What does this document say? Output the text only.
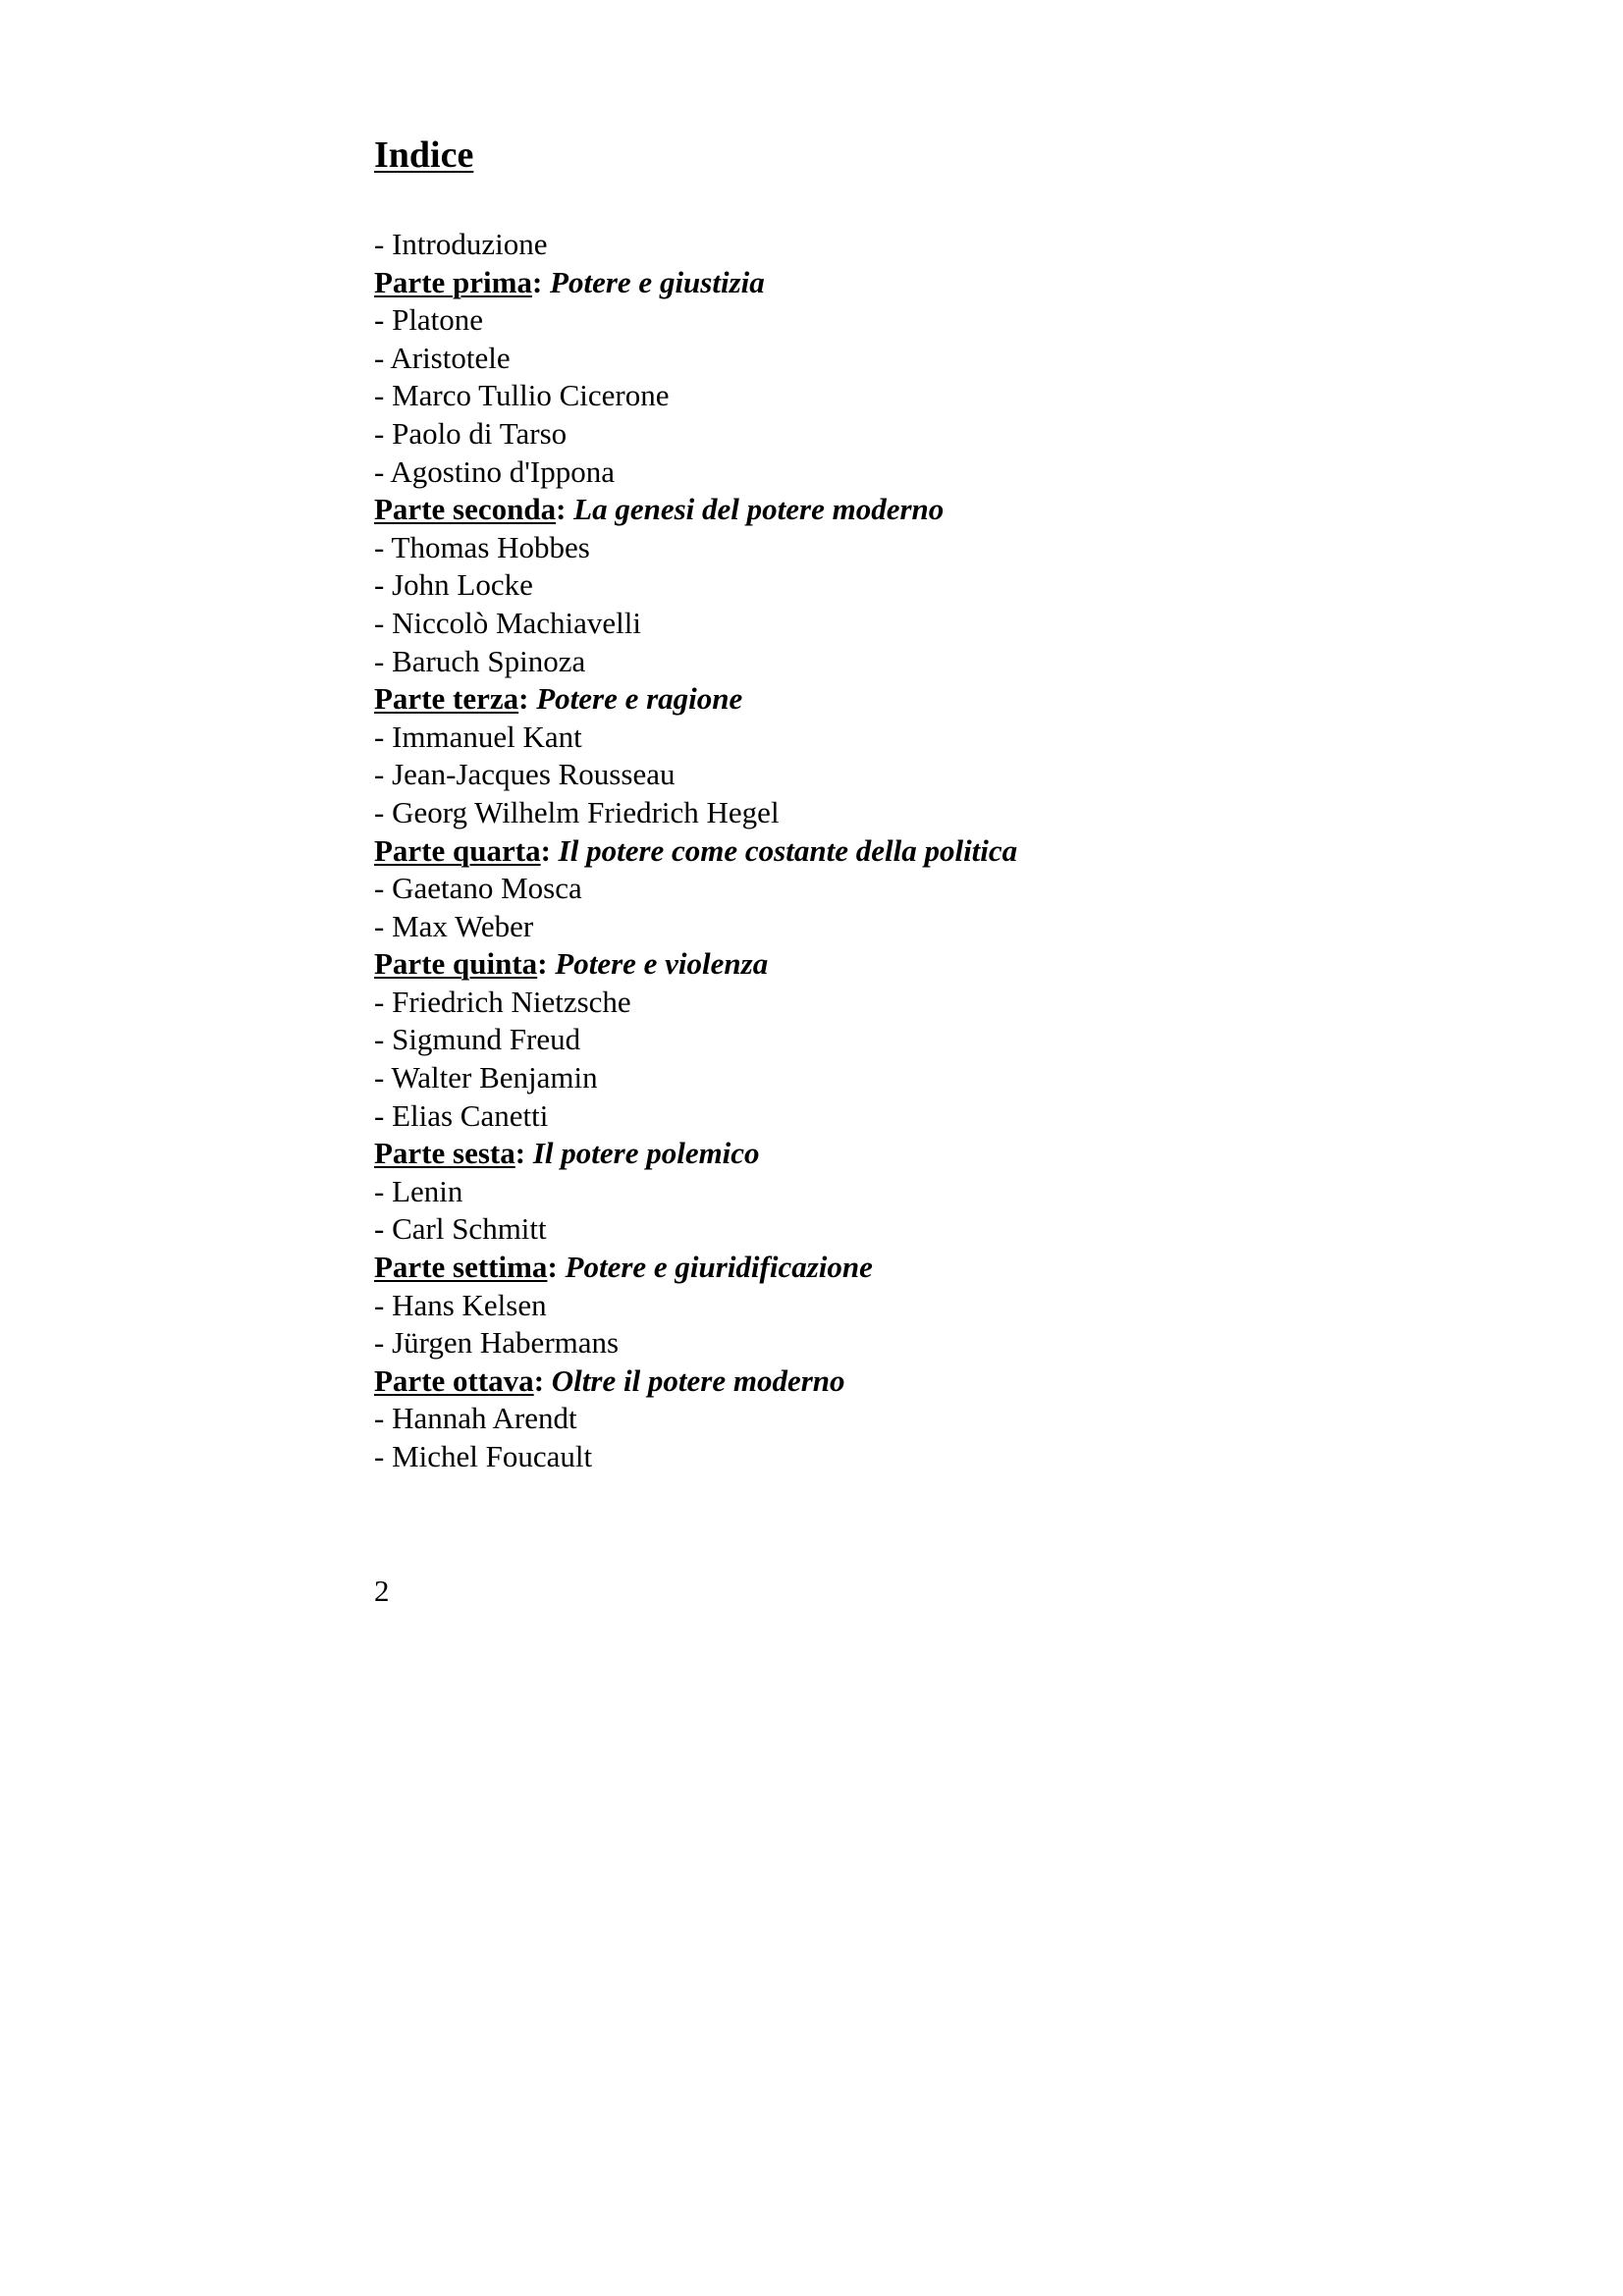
Indice
- Introduzione
Parte prima: Potere e giustizia
- Platone
- Aristotele
- Marco Tullio Cicerone
- Paolo di Tarso
- Agostino d'Ippona
Parte seconda: La genesi del potere moderno
- Thomas Hobbes
- John Locke
- Niccolò Machiavelli
- Baruch Spinoza
Parte terza: Potere e ragione
- Immanuel Kant
- Jean-Jacques Rousseau
- Georg Wilhelm Friedrich Hegel
Parte quarta: Il potere come costante della politica
- Gaetano Mosca
- Max Weber
Parte quinta: Potere e violenza
- Friedrich Nietzsche
- Sigmund Freud
- Walter Benjamin
- Elias Canetti
Parte sesta: Il potere polemico
- Lenin
- Carl Schmitt
Parte settima: Potere e giuridificazione
- Hans Kelsen
- Jürgen Habermans
Parte ottava: Oltre il potere moderno
- Hannah Arendt
- Michel Foucault
2
